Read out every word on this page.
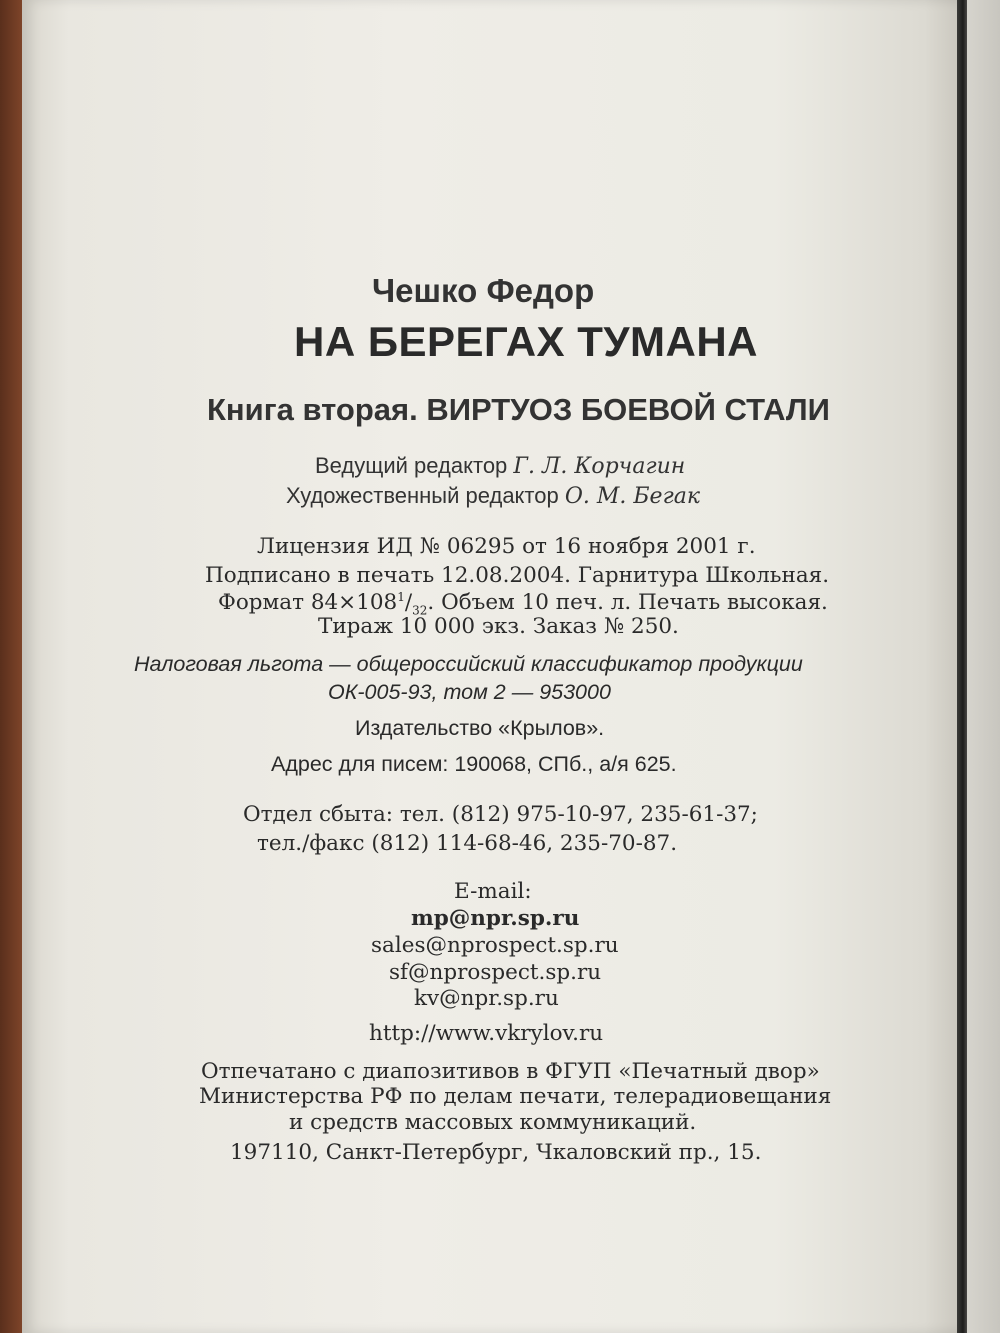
Чешко Федор
НА БЕРЕГАХ ТУМАНА
Книга вторая. ВИРТУОЗ БОЕВОЙ СТАЛИ
Ведущий редактор Г. Л. Корчагин
Художественный редактор О. М. Бегак
Лицензия ИД № 06295 от 16 ноября 2001 г.
Подписано в печать 12.08.2004. Гарнитура Школьная.
Формат $84\times 108^1/_{32}$. Объем 10 печ. л. Печать высокая.
Тираж 10 000 экз. Заказ № 250.
Налоговая льгота — общероссийский классификатор продукции
ОК-005-93, том 2 — 953000
Издательство «Крылов».
Адрес для писем: 190068, СПб., а/я 625.
Отдел сбыта: тел. (812) 975-10-97, 235-61-37;
тел./факс (812) 114-68-46, 235-70-87.
E-mail:
mp@npr.sp.ru
sales@nprospect.sp.ru
sf@nprospect.sp.ru
kv@npr.sp.ru
http://www.vkrylov.ru
Отпечатано с диапозитивов в ФГУП «Печатный двор»
Министерства РФ по делам печати, телерадиовещания
и средств массовых коммуникаций.
197110, Санкт-Петербург, Чкаловский пр., 15.
